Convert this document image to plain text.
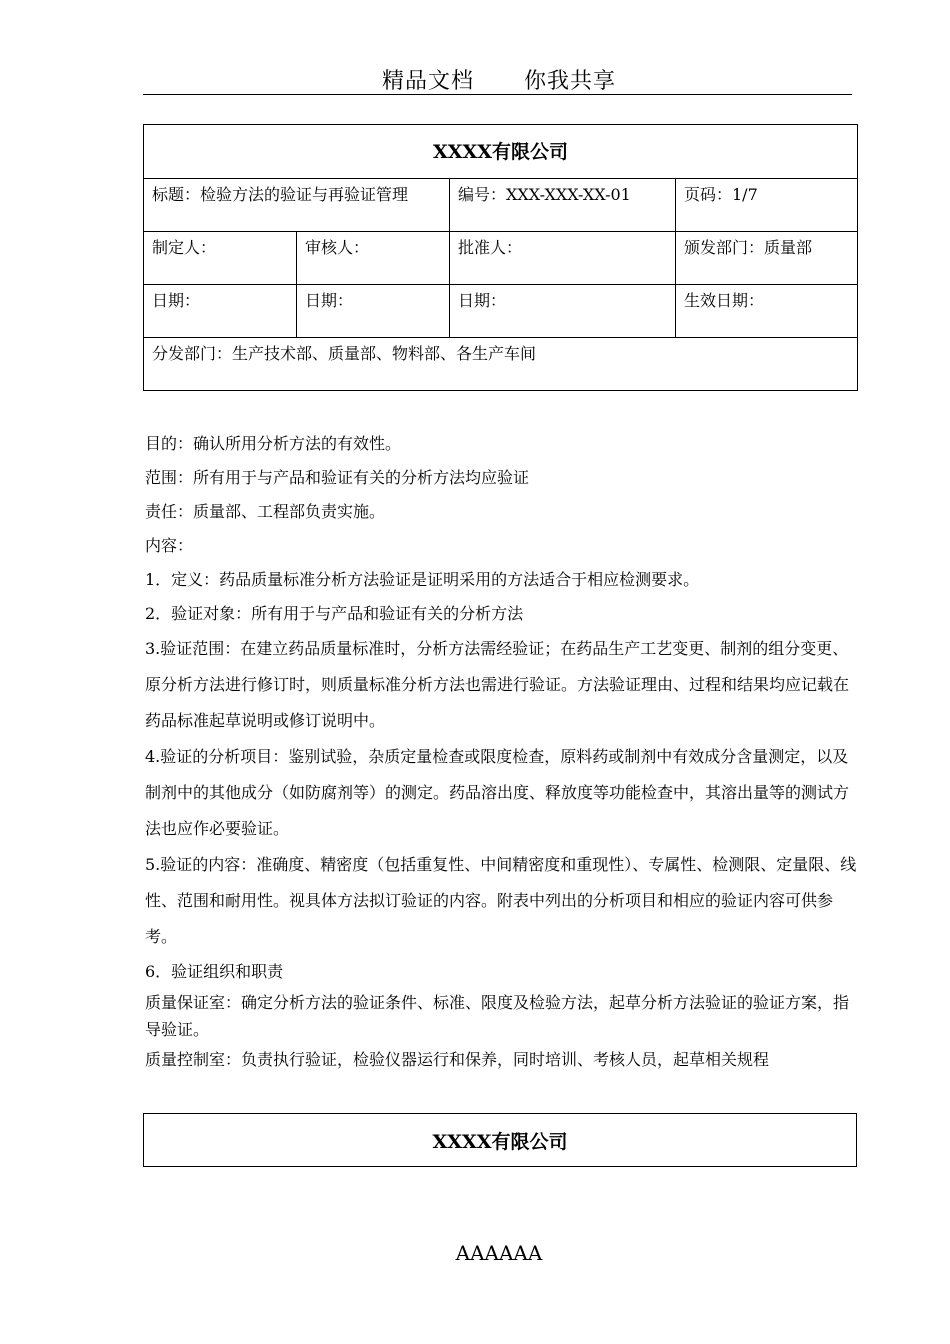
精品文档 你我共享
XXXX有限公司			
标题：检验方法的验证与再验证管理		编号：XXX-XXX-XX-01	页码：1/7
制定人：	审核人：	批准人：	颁发部门：质量部
日期：	日期：	日期：	生效日期：
分发部门：生产技术部、质量部、物料部、各生产车间			

目的：确认所用分析方法的有效性。

范围：所有用于与产品和验证有关的分析方法均应验证

责任：质量部、工程部负责实施。

内容：

1．定义：药品质量标准分析方法验证是证明采用的方法适合于相应检测要求。

2．验证对象：所有用于与产品和验证有关的分析方法

3.验证范围：在建立药品质量标准时，分析方法需经验证；在药品生产工艺变更、制剂的组分变更、原分析方法进行修订时，则质量标准分析方法也需进行验证。方法验证理由、过程和结果均应记载在药品标准起草说明或修订说明中。

4.验证的分析项目：鉴别试验，杂质定量检查或限度检查，原料药或制剂中有效成分含量测定，以及制剂中的其他成分（如防腐剂等）的测定。药品溶出度、释放度等功能检查中，其溶出量等的测试方法也应作必要验证。

5.验证的内容：准确度、精密度（包括重复性、中间精密度和重现性）、专属性、检测限、定量限、线性、范围和耐用性。视具体方法拟订验证的内容。附表中列出的分析项目和相应的验证内容可供参考。

6．验证组织和职责

质量保证室：确定分析方法的验证条件、标准、限度及检验方法，起草分析方法验证的验证方案，指导验证。

质量控制室：负责执行验证，检验仪器运行和保养，同时培训、考核人员，起草相关规程

XXXX有限公司
AAAAAA
